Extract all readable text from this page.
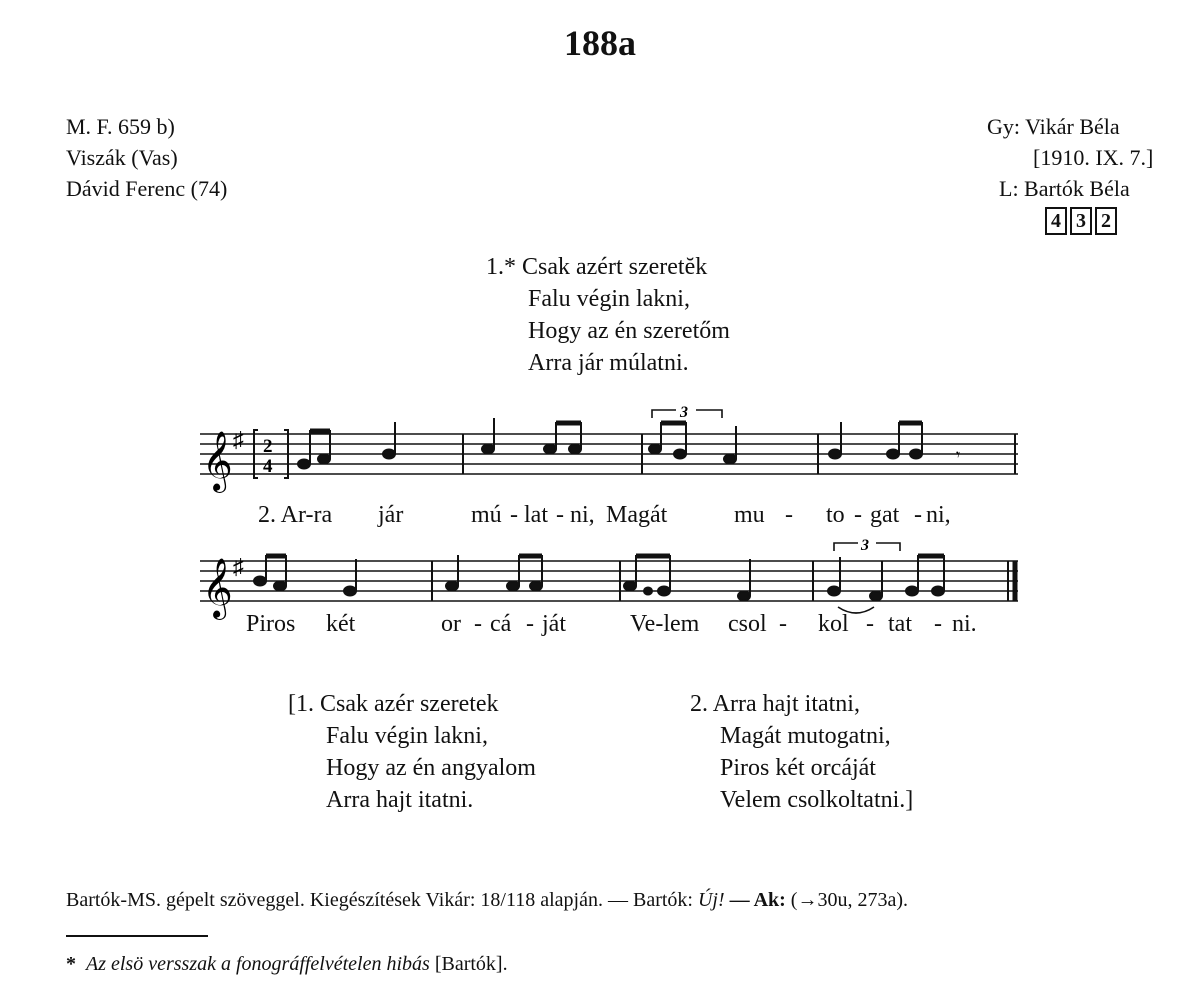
188a
M. F. 659 b)
Viszák (Vas)
Dávid Ferenc (74)
Gy: Vikár Béla
[1910. IX. 7.]
L: Bartók Béla
4 3 2
1.* Csak azért szeretĕk
Falu végin lakni,
Hogy az én szeretőm
Arra jár múlatni.
𝄞 ♯ 2
4
3
𝄾
2. Ar-ra jár	mú - lat - ni, Magát	mu - to - gat - ni,
𝄞 ♯
3
Piros két	or - cá - ját	Ve-lem csol - kol - tat - ni.
[1. Csak azér szeretek
Falu végin lakni,
Hogy az én angyalom
Arra hajt itatni.
2. Arra hajt itatni,
Magát mutogatni,
Piros két orcáját
Velem csolkoltatni.]
Bartók-MS. gépelt szöveggel. Kiegészítések Vikár: 18/118 alapján. — Bartók: Új! — Ak: (→30u, 273a).
* Az elsö versszak a fonográffelvételen hibás [Bartók].
